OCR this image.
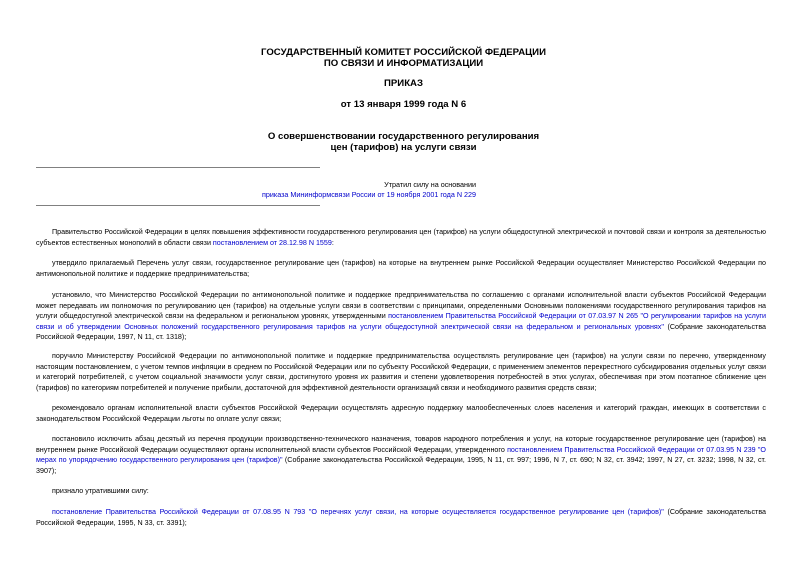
ГОСУДАРСТВЕННЫЙ КОМИТЕТ РОССИЙСКОЙ ФЕДЕРАЦИИ
ПО СВЯЗИ И ИНФОРМАТИЗАЦИИ
ПРИКАЗ
от 13 января 1999 года N 6
О совершенствовании государственного регулирования
цен (тарифов) на услуги связи
Утратил силу на основании
приказа Мининформсвязи России от 19 ноября 2001 года N 229
Правительство Российской Федерации в целях повышения эффективности государственного регулирования цен (тарифов) на услуги общедоступной электрической и почтовой связи и контроля за деятельностью субъектов естественных монополий в области связи постановлением от 28.12.98 N 1559:
утвердило прилагаемый Перечень услуг связи, государственное регулирование цен (тарифов) на которые на внутреннем рынке Российской Федерации осуществляет Министерство Российской Федерации по антимонопольной политике и поддержке предпринимательства;
установило, что Министерство Российской Федерации по антимонопольной политике и поддержке предпринимательства по соглашению с органами исполнительной власти субъектов Российской Федерации может передавать им полномочия по регулированию цен (тарифов) на отдельные услуги связи в соответствии с принципами, определенными Основными положениями государственного регулирования тарифов на услуги общедоступной электрической связи на федеральном и региональном уровнях, утвержденными постановлением Правительства Российской Федерации от 07.03.97 N 265 "О регулировании тарифов на услуги связи и об утверждении Основных положений государственного регулирования тарифов на услуги общедоступной электрической связи на федеральном и региональных уровнях" (Собрание законодательства Российской Федерации, 1997, N 11, ст. 1318);
поручило Министерству Российской Федерации по антимонопольной политике и поддержке предпринимательства осуществлять регулирование цен (тарифов) на услуги связи по перечню, утвержденному настоящим постановлением, с учетом темпов инфляции в среднем по Российской Федерации или по субъекту Российской Федерации, с применением элементов перекрестного субсидирования отдельных услуг связи и категорий потребителей, с учетом социальной значимости услуг связи, достигнутого уровня их развития и степени удовлетворения потребностей в этих услугах, обеспечивая при этом поэтапное сближение цен (тарифов) по категориям потребителей и получение прибыли, достаточной для эффективной деятельности организаций связи и необходимого развития средств связи;
рекомендовало органам исполнительной власти субъектов Российской Федерации осуществлять адресную поддержку малообеспеченных слоев населения и категорий граждан, имеющих в соответствии с законодательством Российской Федерации льготы по оплате услуг связи;
постановило исключить абзац десятый из перечня продукции производственно-технического назначения, товаров народного потребления и услуг, на которые государственное регулирование цен (тарифов) на внутреннем рынке Российской Федерации осуществляют органы исполнительной власти субъектов Российской Федерации, утвержденного постановлением Правительства Российской Федерации от 07.03.95 N 239 "О мерах по упорядочению государственного регулирования цен (тарифов)" (Собрание законодательства Российской Федерации, 1995, N 11, ст. 997; 1996, N 7, ст. 690; N 32, ст. 3942; 1997, N 27, ст. 3232; 1998, N 32, ст. 3907);
признало утратившими силу:
постановление Правительства Российской Федерации от 07.08.95 N 793 "О перечнях услуг связи, на которые осуществляется государственное регулирование цен (тарифов)" (Собрание законодательства Российской Федерации, 1995, N 33, ст. 3391);
